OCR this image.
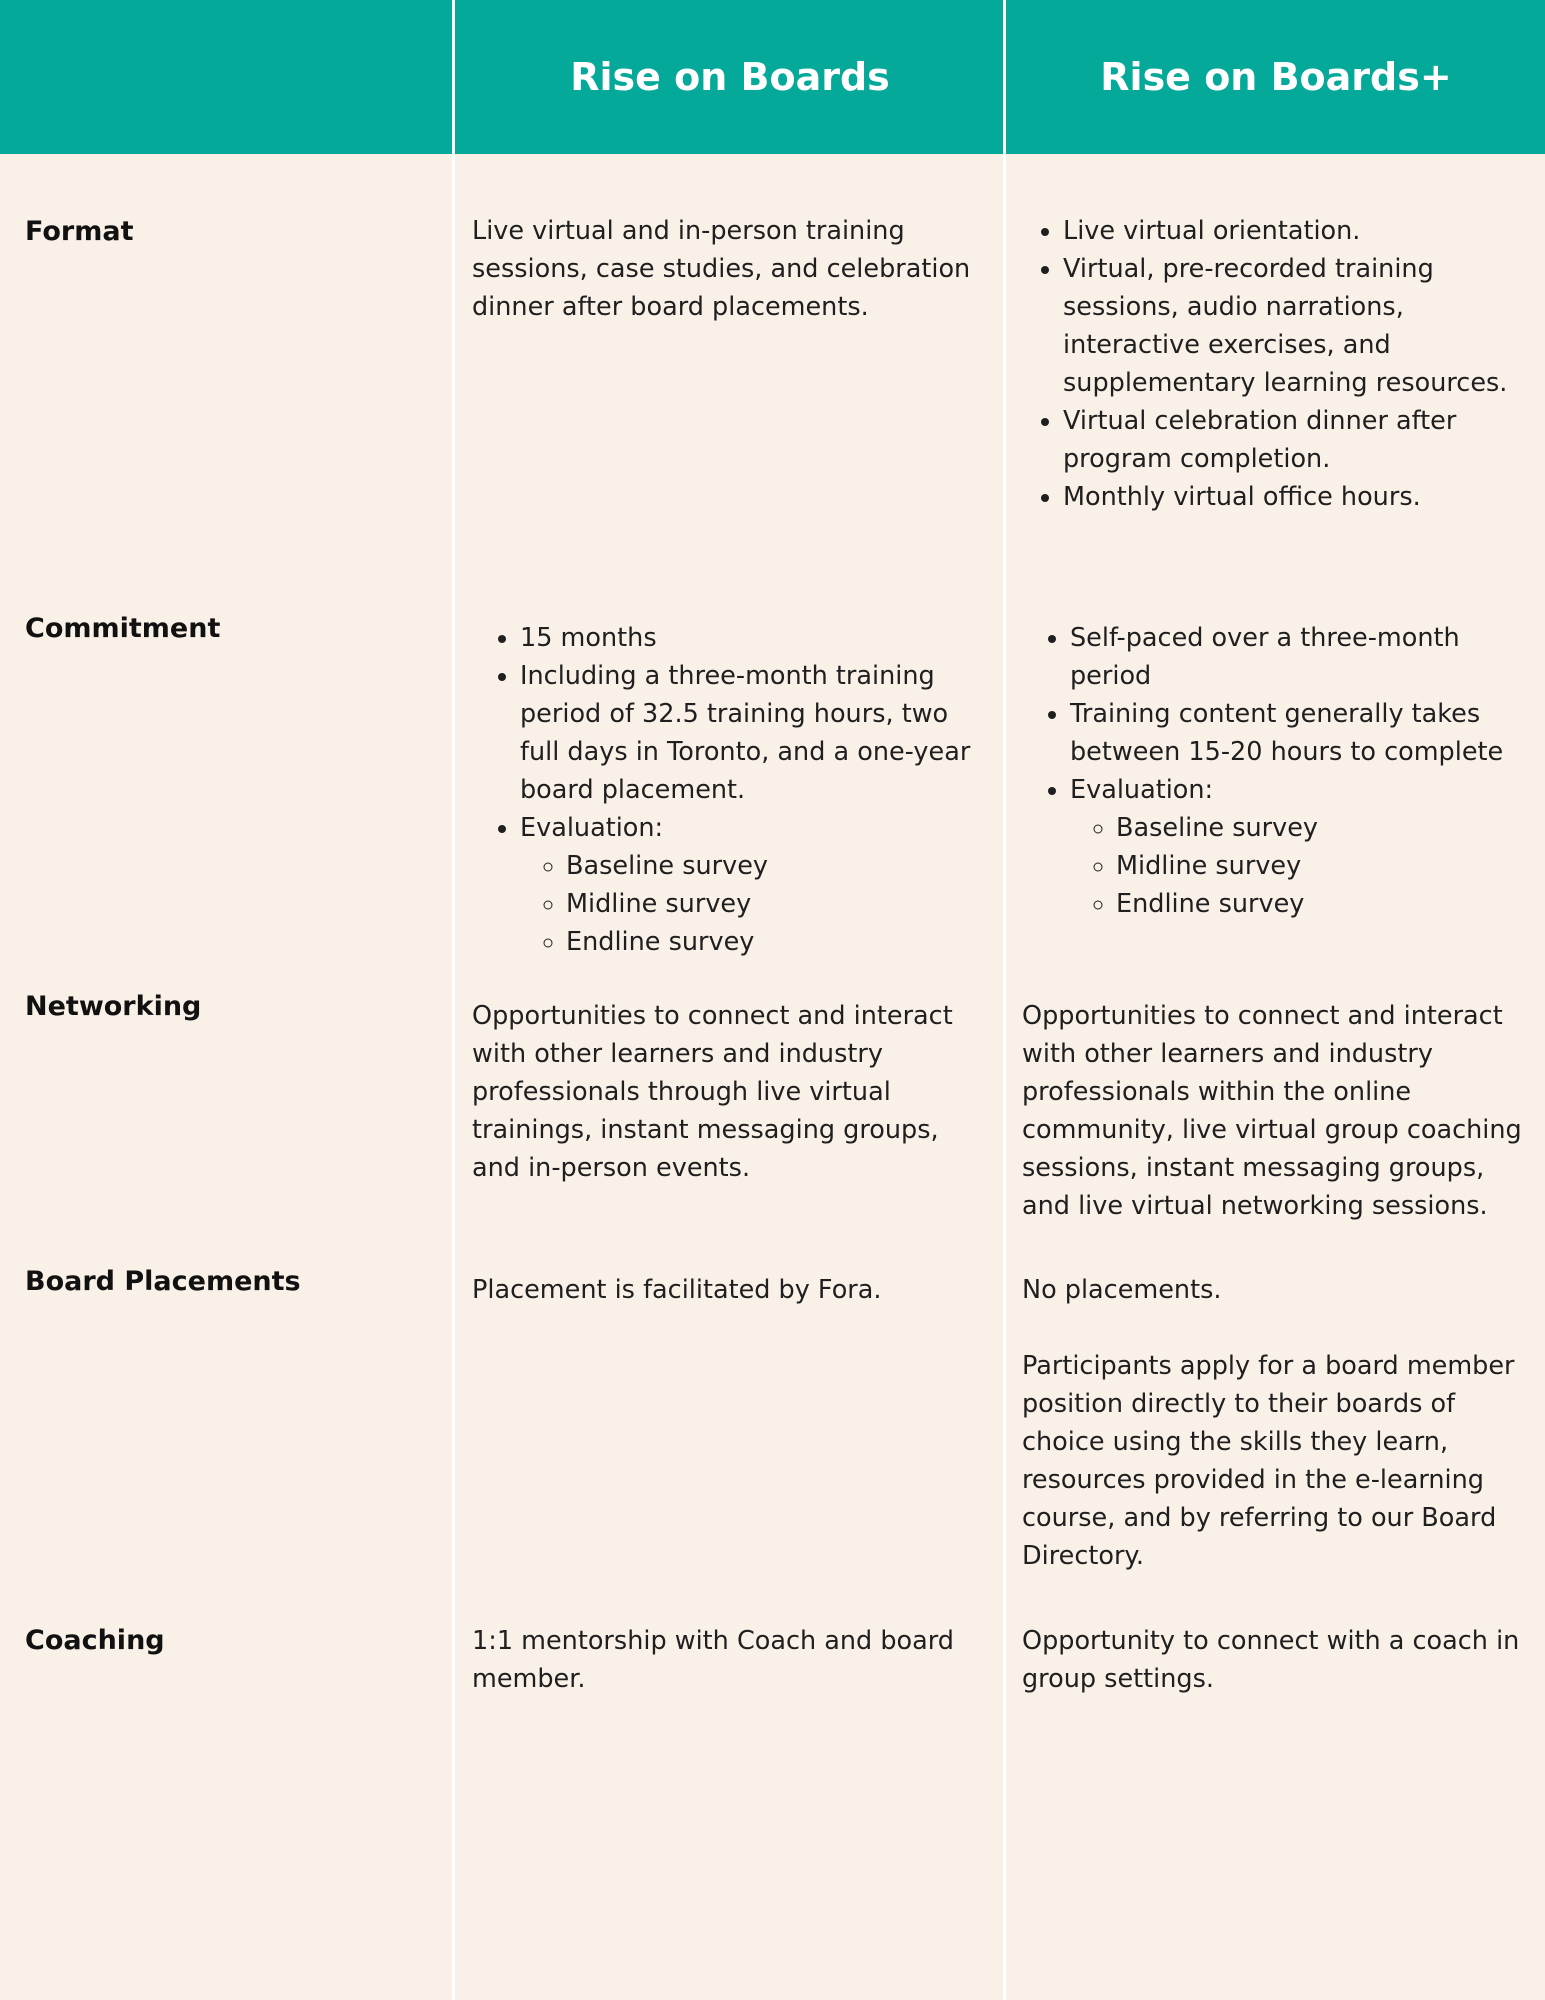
Rise on Boards	Rise on Boards+
Format	Live virtual and in-person training sessions, case studies, and celebration dinner after board placements.

• Live virtual orientation.
• Virtual, pre-recorded training sessions, audio narrations, interactive exercises, and supplementary learning resources.
• Virtual celebration dinner after program completion.
• Monthly virtual office hours.
Commitment
•	15 months
• Including a three-month training period of 32.5 training hours, two full days in Toronto, and a one-year board placement.
• Evaluation:
◦ Baseline survey
◦ Midline survey
◦ Endline survey
• Self-paced over a three-month period
• Training content generally takes between 15-20 hours to complete
• Evaluation:
◦ Baseline survey
◦ Midline survey
◦ Endline survey
Networking	Opportunities to connect and interact with other learners and industry professionals through live virtual trainings, instant messaging groups, and in-person events.

Opportunities to connect and interact with other learners and industry professionals within the online community, live virtual group coaching sessions, instant messaging groups, and live virtual networking sessions.

Board Placements	Placement is facilitated by Fora.	No placements.

Participants apply for a board member position directly to their boards of choice using the skills they learn, resources provided in the e-learning course, and by referring to our Board Directory.

Coaching	1:1 mentorship with Coach and board member.

Opportunity to connect with a coach in group settings.
